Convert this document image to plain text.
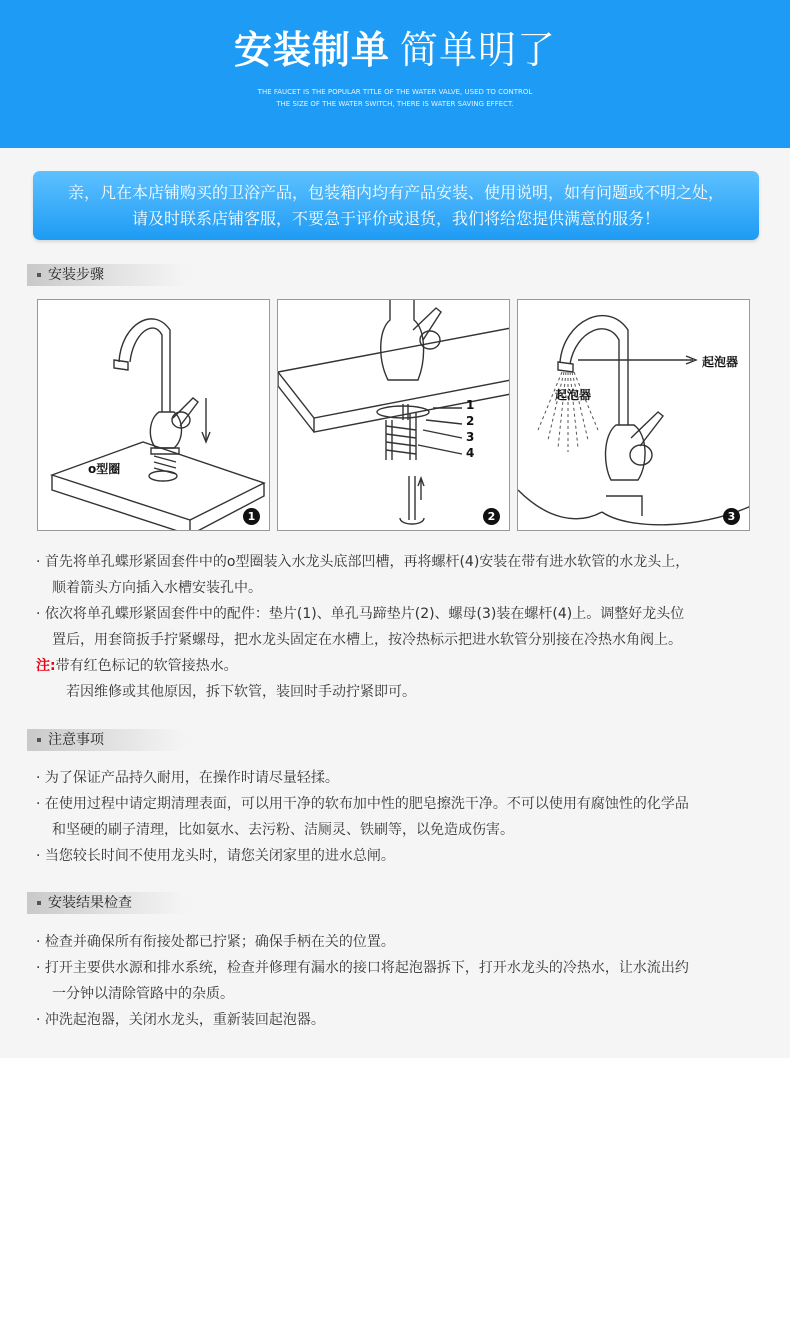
安装制单 简单明了
THE FAUCET IS THE POPULAR TITLE OF THE WATER VALVE, USED TO CONTROL THE SIZE OF THE WATER SWITCH, THERE IS WATER SAVING EFFECT.
亲，凡在本店铺购买的卫浴产品，包装箱内均有产品安装、使用说明，如有问题或不明之处，
请及时联系店铺客服，不要急于评价或退货，我们将给您提供满意的服务！
安装步骤
o型圈
1
1
2
3
4
2
起泡器
起泡器
3
· 首先将单孔蝶形紧固套件中的o型圈装入水龙头底部凹槽，再将螺杆(4)安装在带有进水软管的水龙头上，
顺着箭头方向插入水槽安装孔中。
· 依次将单孔蝶形紧固套件中的配件：垫片(1)、单孔马蹄垫片(2)、螺母(3)装在螺杆(4)上。调整好龙头位
置后，用套筒扳手拧紧螺母，把水龙头固定在水槽上，按冷热标示把进水软管分别接在冷热水角阀上。
注:带有红色标记的软管接热水。
若因维修或其他原因，拆下软管，装回时手动拧紧即可。
注意事项
· 为了保证产品持久耐用，在操作时请尽量轻揉。
· 在使用过程中请定期清理表面，可以用干净的软布加中性的肥皂擦洗干净。不可以使用有腐蚀性的化学品
和坚硬的刷子清理，比如氨水、去污粉、洁厕灵、铁刷等，以免造成伤害。
· 当您较长时间不使用龙头时，请您关闭家里的进水总闸。
安装结果检查
· 检查并确保所有衔接处都已拧紧；确保手柄在关的位置。
· 打开主要供水源和排水系统，检查并修理有漏水的接口将起泡器拆下，打开水龙头的冷热水，让水流出约
一分钟以清除管路中的杂质。
· 冲洗起泡器，关闭水龙头，重新装回起泡器。
